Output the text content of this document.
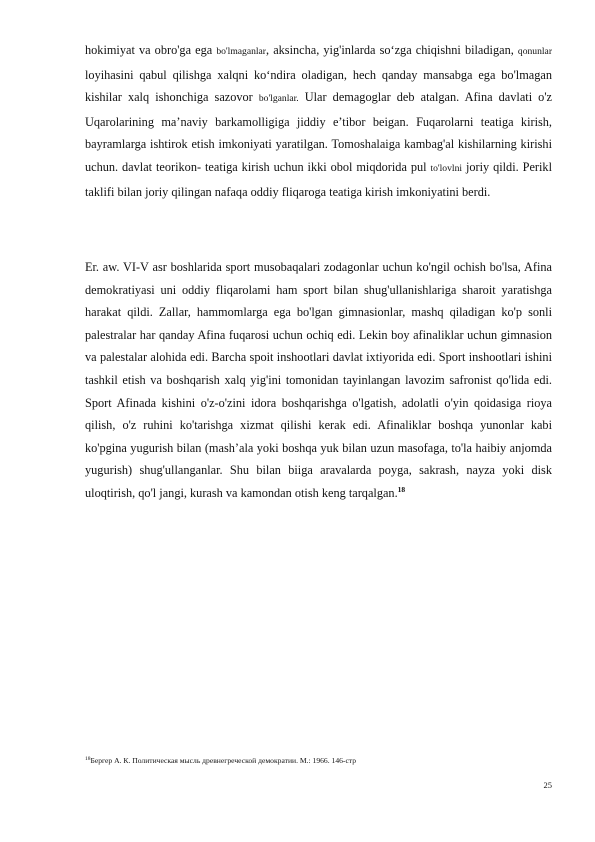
hokimiyat va obro'ga ega bo'lmaganlar, aksincha, yig'inlarda so‘zga chiqishni biladigan, qonunlar loyihasini qabul qilishga xalqni ko‘ndira oladigan, hech qanday mansabga ega bo'lmagan kishilar xalq ishonchiga sazovor bo'lganlar. Ular demagoglar deb atalgan. Afina davlati o'z Uqarolarining ma’naviy barkamolligiga jiddiy e’tibor beigan. Fuqarolarni teatiga kirish, bayramlarga ishtirok etish imkoniyati yaratilgan. Tomoshalaiga kambag'al kishilarning kirishi uchun. davlat teorikon- teatiga kirish uchun ikki obol miqdorida pul to'lovlni joriy qildi. Perikl taklifi bilan joriy qilingan nafaqa oddiy fliqaroga teatiga kirish imkoniyatini berdi.

Er. aw. VI-V asr boshlarida sport musobaqalari zodagonlar uchun ko'ngil ochish bo'lsa, Afina demokratiyasi uni oddiy fliqarolami ham sport bilan shug'ullanishlariga sharoit yaratishga harakat qildi. Zallar, hammomlarga ega bo'lgan gimnasionlar, mashq qiladigan ko'p sonli palestralar har qanday Afina fuqarosi uchun ochiq edi. Lekin boy afinaliklar uchun gimnasion va palestalar alohida edi. Barcha spoit inshootlari davlat ixtiyorida edi. Sport inshootlari ishini tashkil etish va boshqarish xalq yig'ini tomonidan tayinlangan lavozim safronist qo'lida edi. Sport Afinada kishini o'z-o'zini idora boshqarishga o'lgatish, adolatli o'yin qoidasiga rioya qilish, o'z ruhini ko'tarishga xizmat qilishi kerak edi. Afinaliklar boshqa yunonlar kabi ko'pgina yugurish bilan (mash’ala yoki boshqa yuk bilan uzun masofaga, to'la haibiy anjomda yugurish) shug'ullanganlar. Shu bilan biiga aravalarda poyga, sakrash, nayza yoki disk uloqtirish, qo'l jangi, kurash va kamondan otish keng tarqalgan.$^{18}$

$^{18}$Бергер А. К. Политическая мысль древнегреческой демократии. М.: 1966. 146-стр

25
